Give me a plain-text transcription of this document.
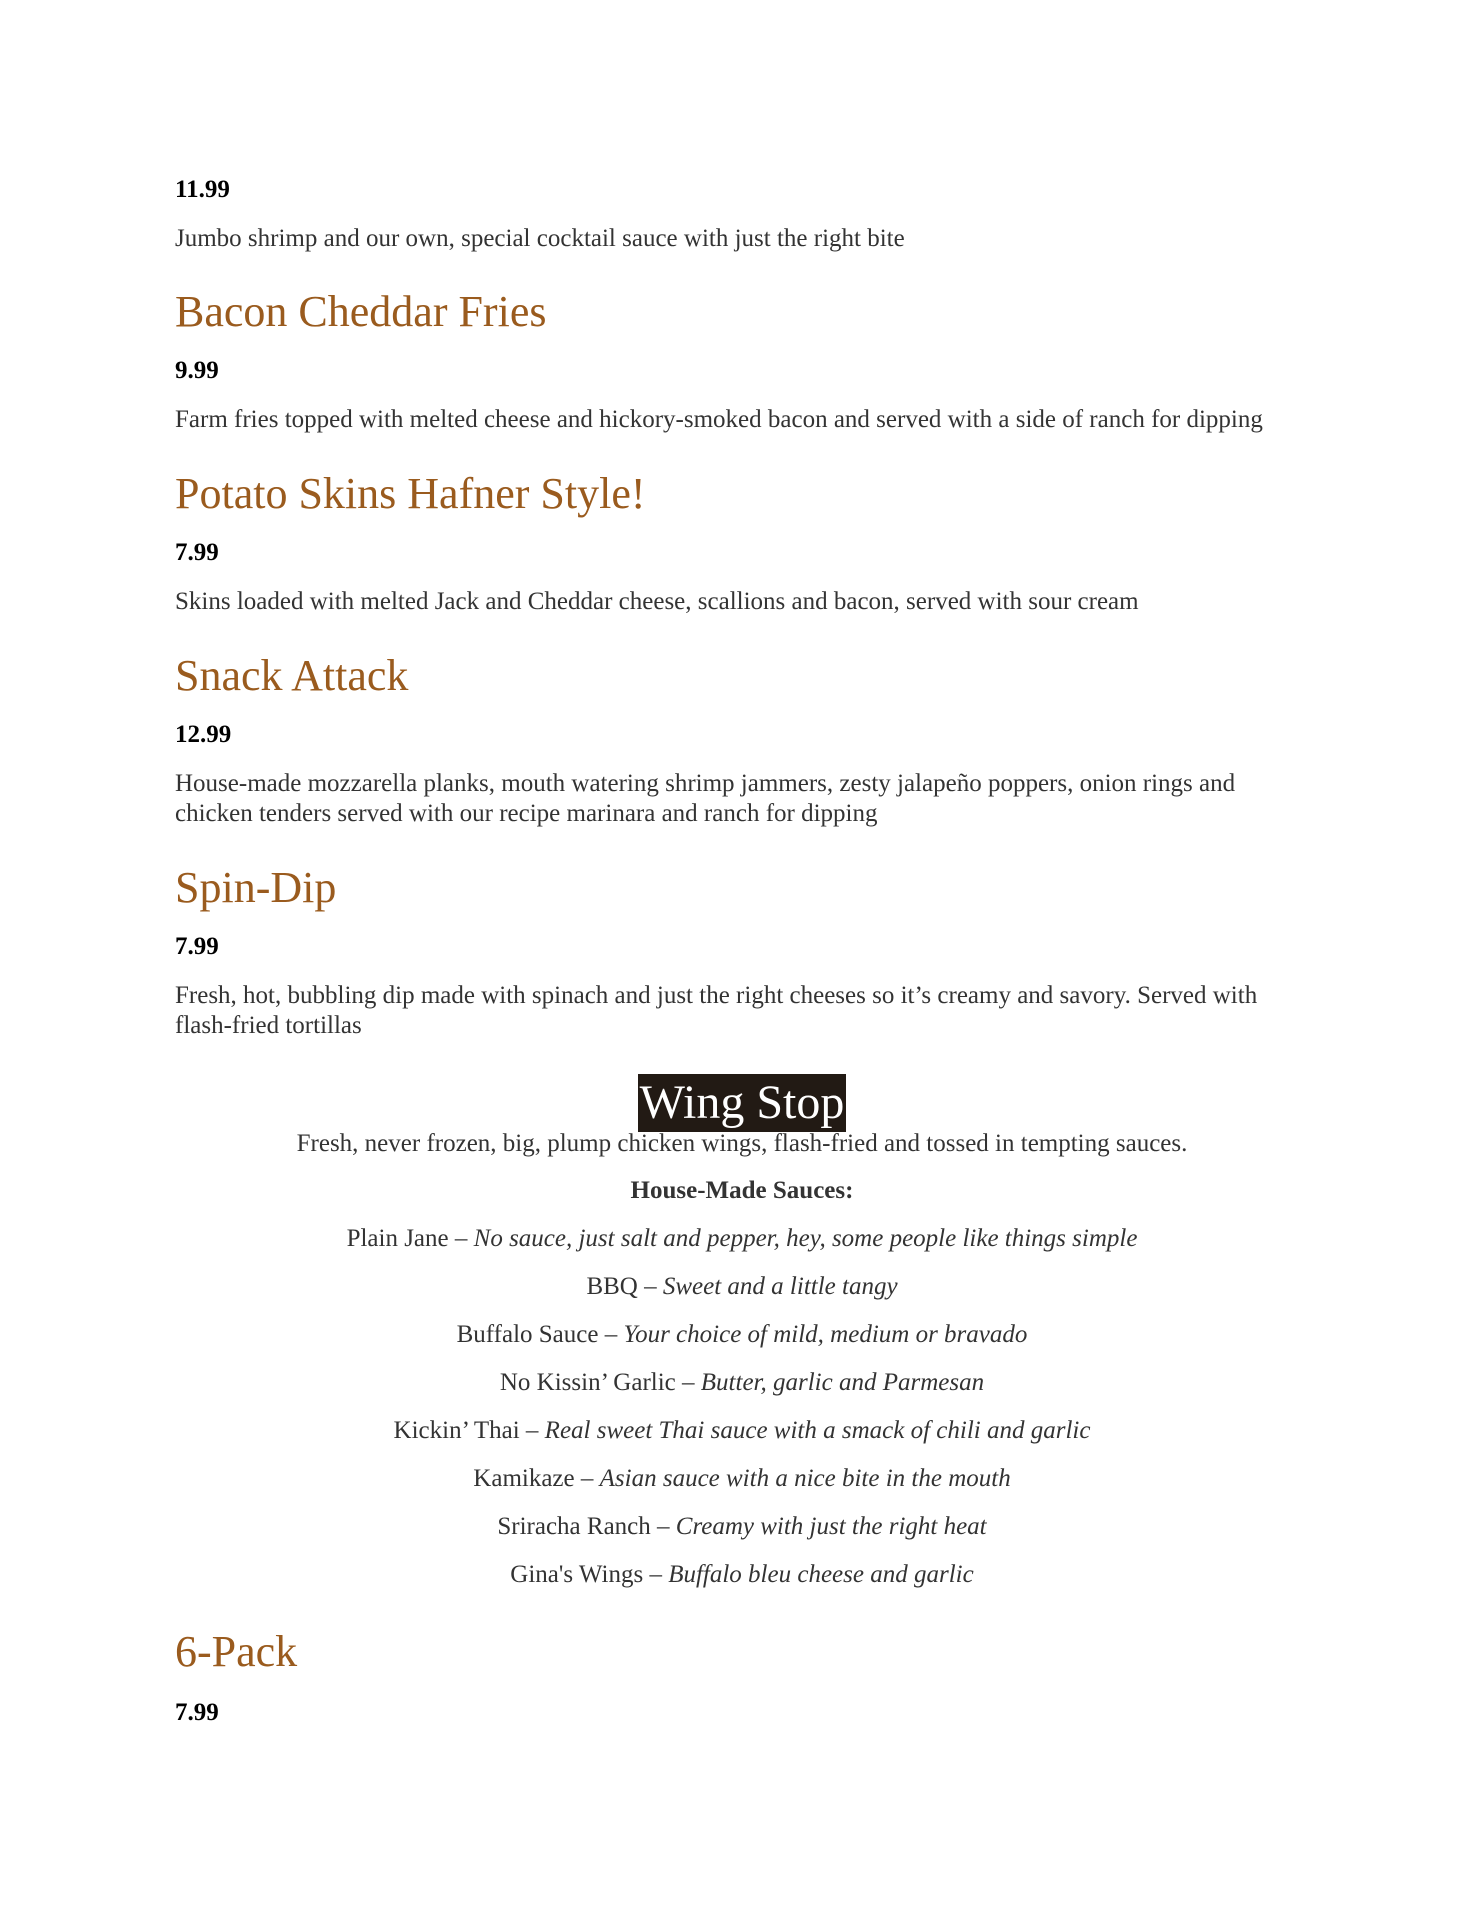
11.99
Jumbo shrimp and our own, special cocktail sauce with just the right bite
Bacon Cheddar Fries
9.99
Farm fries topped with melted cheese and hickory-smoked bacon and served with a side of ranch for dipping
Potato Skins Hafner Style!
7.99
Skins loaded with melted Jack and Cheddar cheese, scallions and bacon, served with sour cream
Snack Attack
12.99
House-made mozzarella planks, mouth watering shrimp jammers, zesty jalapeño poppers, onion rings and
chicken tenders served with our recipe marinara and ranch for dipping
Spin-Dip
7.99
Fresh, hot, bubbling dip made with spinach and just the right cheeses so it’s creamy and savory. Served with
flash-fried tortillas
Wing Stop
Fresh, never frozen, big, plump chicken wings, flash-fried and tossed in tempting sauces.
House-Made Sauces:
Plain Jane – No sauce, just salt and pepper, hey, some people like things simple
BBQ – Sweet and a little tangy
Buffalo Sauce – Your choice of mild, medium or bravado
No Kissin’ Garlic – Butter, garlic and Parmesan
Kickin’ Thai – Real sweet Thai sauce with a smack of chili and garlic
Kamikaze – Asian sauce with a nice bite in the mouth
Sriracha Ranch – Creamy with just the right heat
Gina's Wings – Buffalo bleu cheese and garlic
6-Pack
7.99
